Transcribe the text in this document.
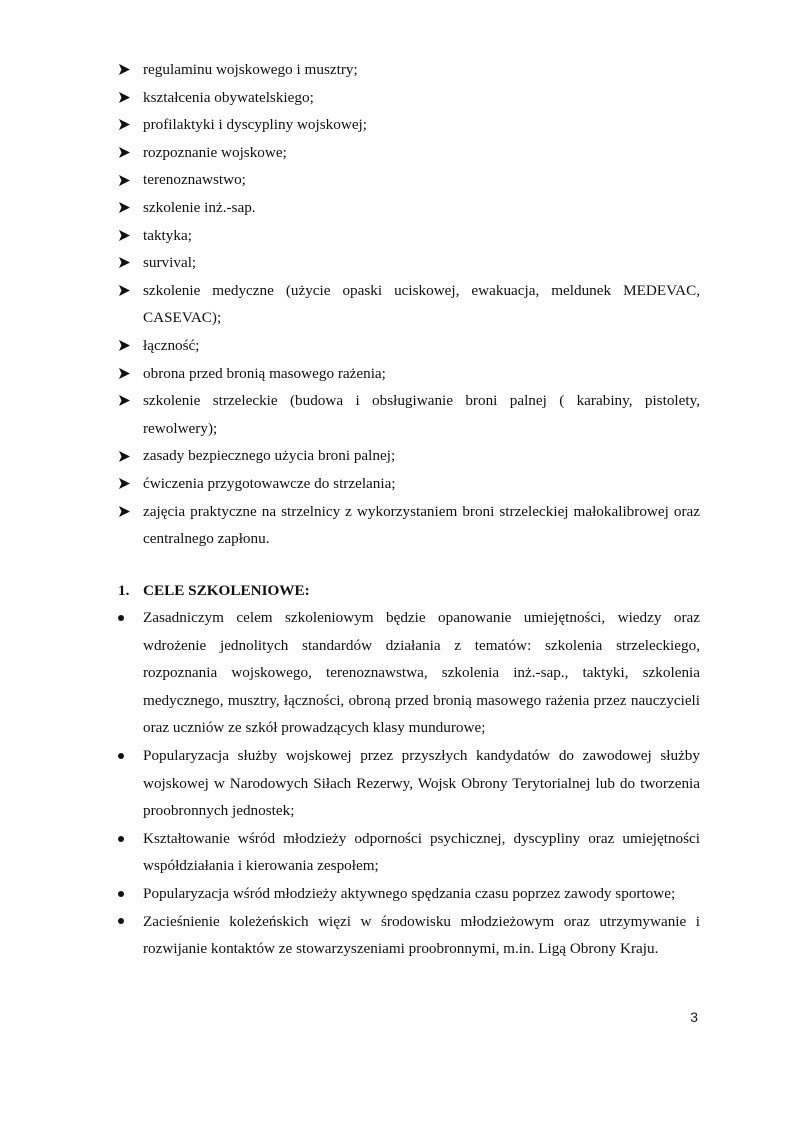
regulaminu wojskowego i musztry;
kształcenia obywatelskiego;
profilaktyki i dyscypliny wojskowej;
rozpoznanie wojskowe;
terenoznawstwo;
szkolenie inż.-sap.
taktyka;
survival;
szkolenie medyczne (użycie opaski uciskowej, ewakuacja, meldunek MEDEVAC, CASEVAC);
łączność;
obrona przed bronią masowego rażenia;
szkolenie strzeleckie (budowa i obsługiwanie broni palnej ( karabiny, pistolety, rewolwery);
zasady bezpiecznego użycia broni palnej;
ćwiczenia przygotowawcze do strzelania;
zajęcia praktyczne na strzelnicy z wykorzystaniem broni strzeleckiej małokalibrowej oraz centralnego zapłonu.
1. CELE SZKOLENIOWE:
Zasadniczym celem szkoleniowym będzie opanowanie umiejętności, wiedzy oraz wdrożenie jednolitych standardów działania z tematów: szkolenia strzeleckiego, rozpoznania wojskowego, terenoznawstwa, szkolenia inż.-sap., taktyki, szkolenia medycznego, musztry, łączności, obroną przed bronią masowego rażenia przez nauczycieli oraz uczniów ze szkół prowadzących klasy mundurowe;
Popularyzacja służby wojskowej przez przyszłych kandydatów do zawodowej służby wojskowej w Narodowych Siłach Rezerwy, Wojsk Obrony Terytorialnej lub do tworzenia proobronnych jednostek;
Kształtowanie wśród młodzieży odporności psychicznej, dyscypliny oraz umiejętności współdziałania i kierowania zespołem;
Popularyzacja wśród młodzieży aktywnego spędzania czasu poprzez zawody sportowe;
Zacieśnienie koleżeńskich więzi w środowisku młodzieżowym oraz utrzymywanie i rozwijanie kontaktów ze stowarzyszeniami proobronnymi, m.in. Ligą Obrony Kraju.
3
